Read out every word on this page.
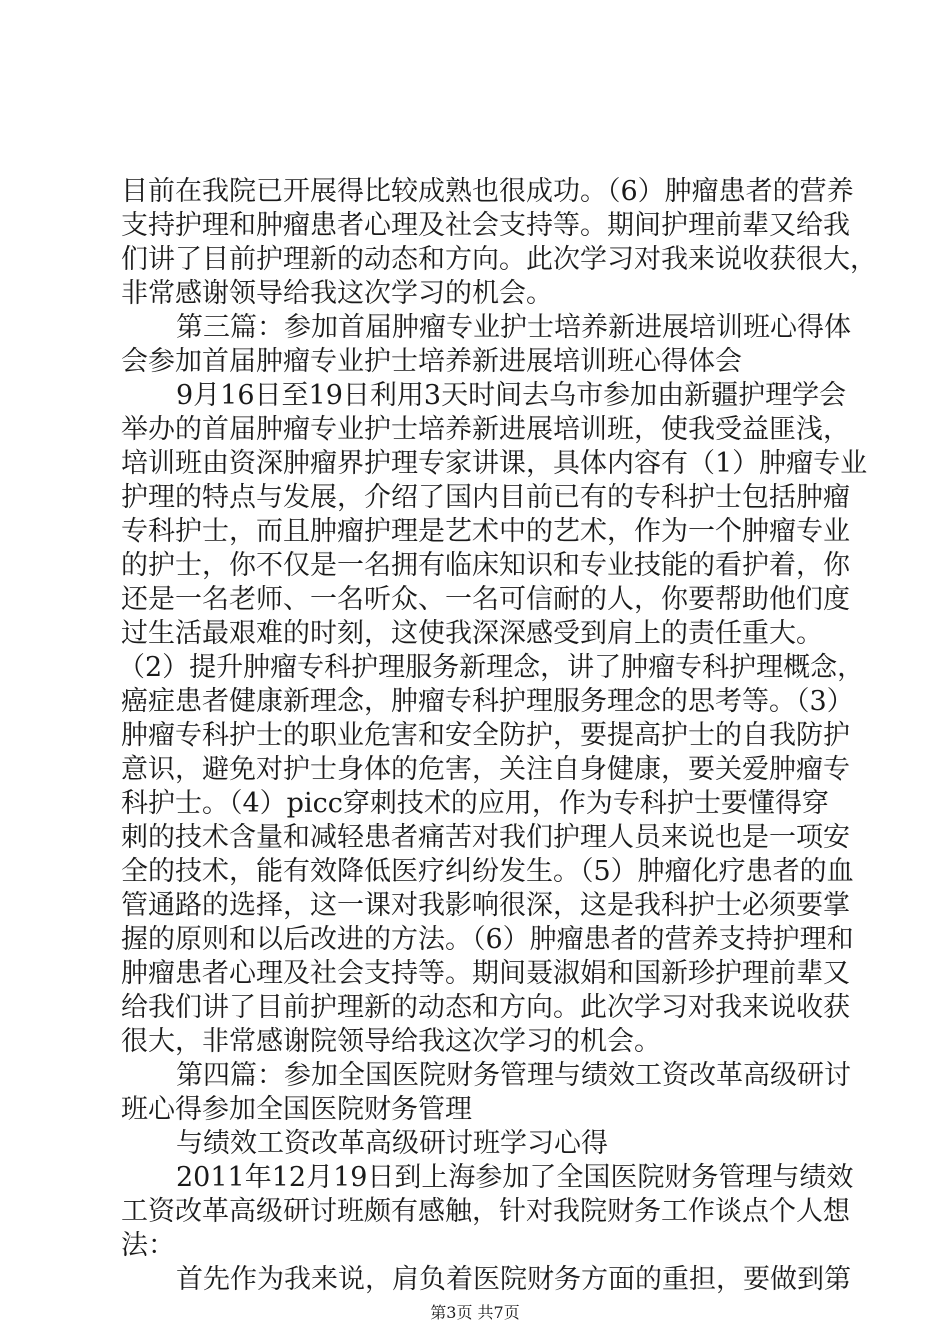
目前在我院已开展得比较成熟也很成功。（6）肿瘤患者的营养
支持护理和肿瘤患者心理及社会支持等。期间护理前辈又给我
们讲了目前护理新的动态和方向。此次学习对我来说收获很大，
非常感谢领导给我这次学习的机会。
第三篇：参加首届肿瘤专业护士培养新进展培训班心得体
会参加首届肿瘤专业护士培养新进展培训班心得体会
9月16日至19日利用3天时间去乌市参加由新疆护理学会
举办的首届肿瘤专业护士培养新进展培训班，使我受益匪浅，
培训班由资深肿瘤界护理专家讲课，具体内容有（1）肿瘤专业
护理的特点与发展，介绍了国内目前已有的专科护士包括肿瘤
专科护士，而且肿瘤护理是艺术中的艺术，作为一个肿瘤专业
的护士，你不仅是一名拥有临床知识和专业技能的看护着，你
还是一名老师、一名听众、一名可信耐的人，你要帮助他们度
过生活最艰难的时刻，这使我深深感受到肩上的责任重大。
（2）提升肿瘤专科护理服务新理念，讲了肿瘤专科护理概念，
癌症患者健康新理念，肿瘤专科护理服务理念的思考等。（3）
肿瘤专科护士的职业危害和安全防护，要提高护士的自我防护
意识，避免对护士身体的危害，关注自身健康，要关爱肿瘤专
科护士。（4）picc穿刺技术的应用，作为专科护士要懂得穿
刺的技术含量和减轻患者痛苦对我们护理人员来说也是一项安
全的技术，能有效降低医疗纠纷发生。（5）肿瘤化疗患者的血
管通路的选择，这一课对我影响很深，这是我科护士必须要掌
握的原则和以后改进的方法。（6）肿瘤患者的营养支持护理和
肿瘤患者心理及社会支持等。期间聂淑娟和国新珍护理前辈又
给我们讲了目前护理新的动态和方向。此次学习对我来说收获
很大，非常感谢院领导给我这次学习的机会。
第四篇：参加全国医院财务管理与绩效工资改革高级研讨
班心得参加全国医院财务管理
与绩效工资改革高级研讨班学习心得
2011年12月19日到上海参加了全国医院财务管理与绩效
工资改革高级研讨班颇有感触，针对我院财务工作谈点个人想
法：
首先作为我来说，肩负着医院财务方面的重担，要做到第
第3页 共7页
